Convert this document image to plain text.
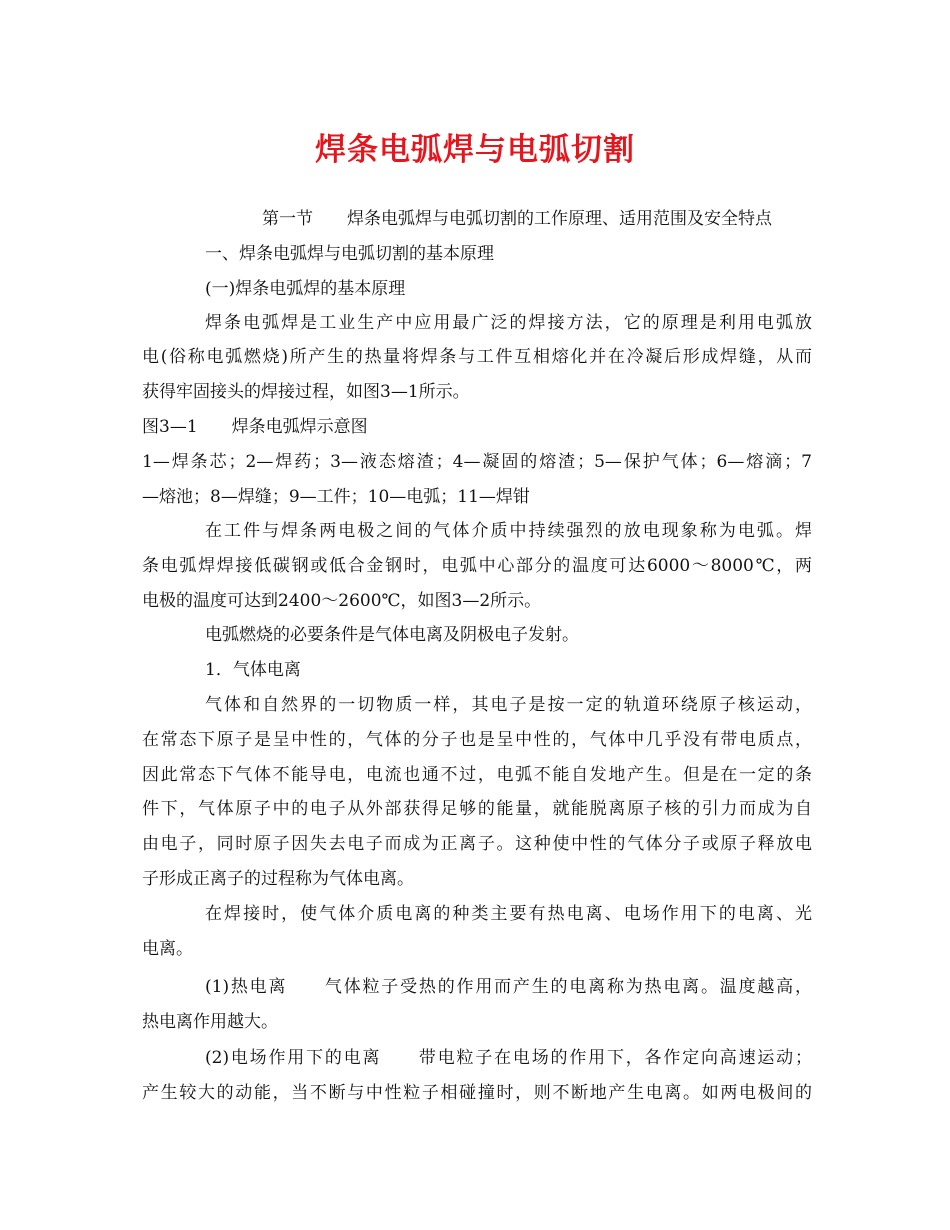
焊条电弧焊与电弧切割
第一节　　焊条电弧焊与电弧切割的工作原理、适用范围及安全特点
一、焊条电弧焊与电弧切割的基本原理
(一)焊条电弧焊的基本原理
焊条电弧焊是工业生产中应用最广泛的焊接方法，它的原理是利用电弧放
电(俗称电弧燃烧)所产生的热量将焊条与工件互相熔化并在冷凝后形成焊缝，从而
获得牢固接头的焊接过程，如图3—1所示。
图3—1　　焊条电弧焊示意图
1—焊条芯；2—焊药；3—液态熔渣；4—凝固的熔渣；5—保护气体；6—熔滴；7
—熔池；8—焊缝；9—工件；10—电弧；11—焊钳
在工件与焊条两电极之间的气体介质中持续强烈的放电现象称为电弧。焊
条电弧焊焊接低碳钢或低合金钢时，电弧中心部分的温度可达6000～8000℃，两
电极的温度可达到2400～2600℃，如图3—2所示。
电弧燃烧的必要条件是气体电离及阴极电子发射。
1．气体电离
气体和自然界的一切物质一样，其电子是按一定的轨道环绕原子核运动，
在常态下原子是呈中性的，气体的分子也是呈中性的，气体中几乎没有带电质点，
因此常态下气体不能导电，电流也通不过，电弧不能自发地产生。但是在一定的条
件下，气体原子中的电子从外部获得足够的能量，就能脱离原子核的引力而成为自
由电子，同时原子因失去电子而成为正离子。这种使中性的气体分子或原子释放电
子形成正离子的过程称为气体电离。
在焊接时，使气体介质电离的种类主要有热电离、电场作用下的电离、光
电离。
(1)热电离　　气体粒子受热的作用而产生的电离称为热电离。温度越高，
热电离作用越大。
(2)电场作用下的电离　　带电粒子在电场的作用下，各作定向高速运动；
产生较大的动能，当不断与中性粒子相碰撞时，则不断地产生电离。如两电极间的
